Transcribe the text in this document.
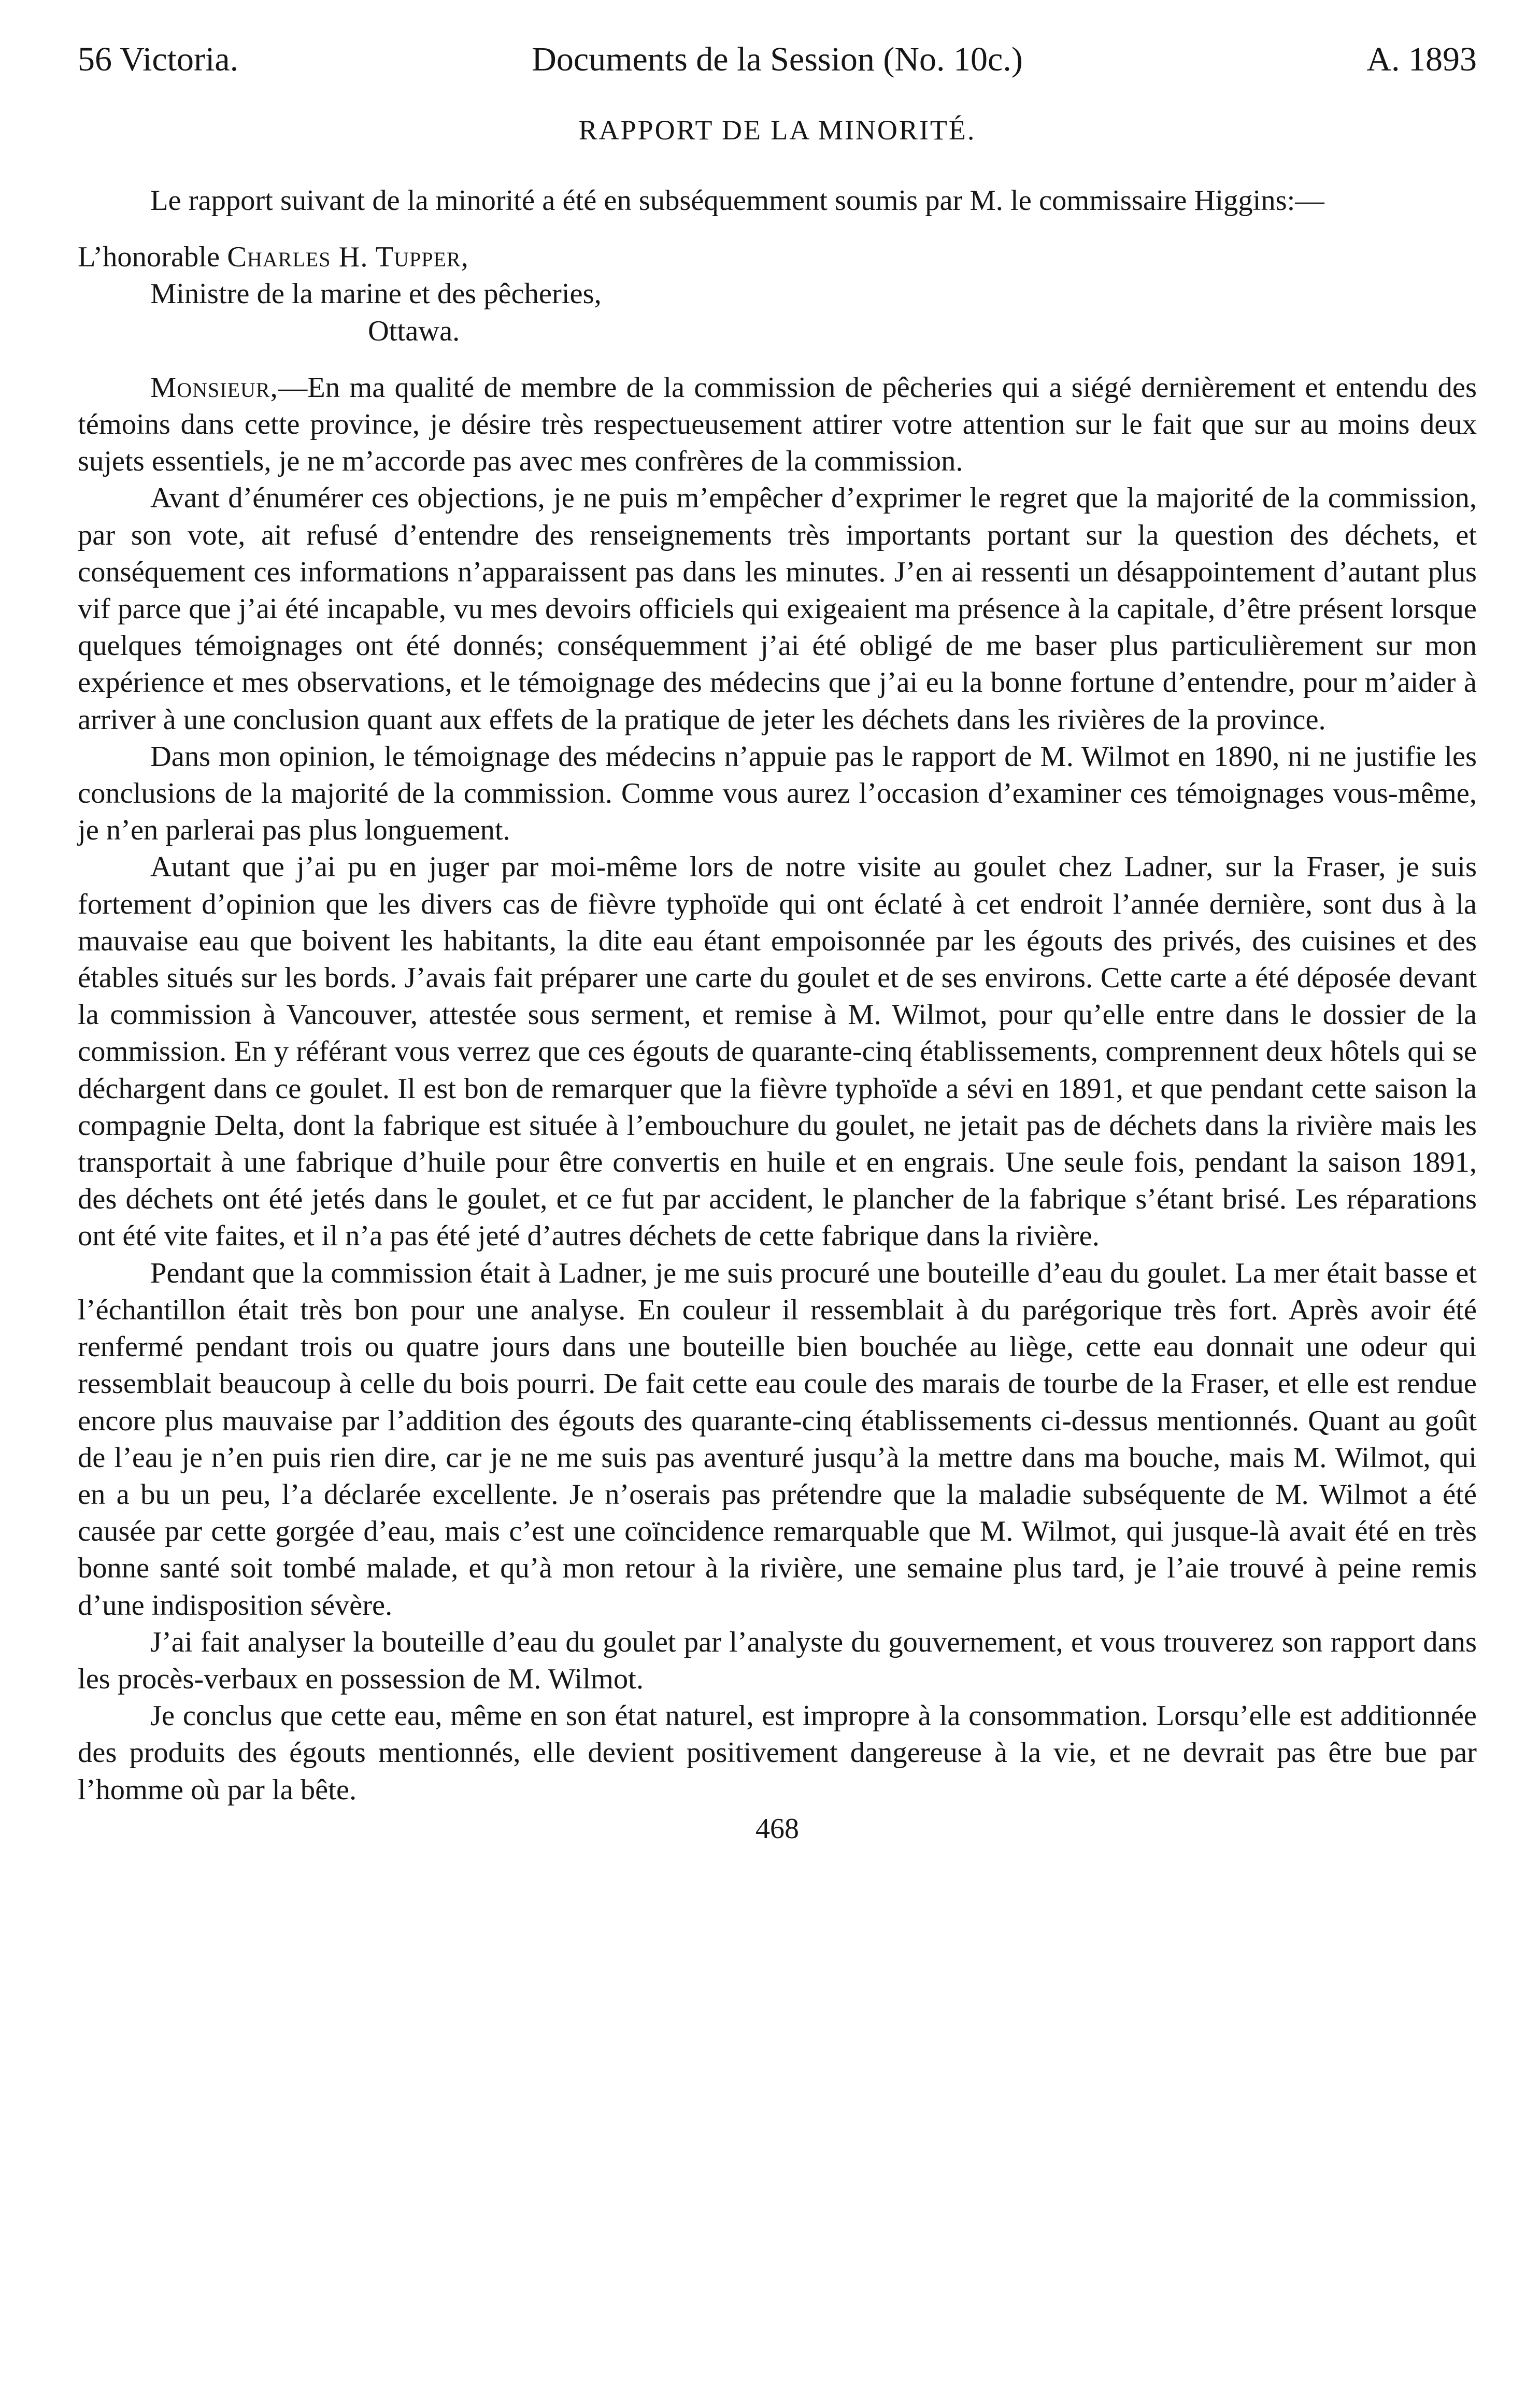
56 Victoria.	Documents de la Session (No. 10c.)	A. 1893
RAPPORT DE LA MINORITÉ.

Le rapport suivant de la minorité a été en subséquemment soumis par M. le commissaire Higgins:—

L’honorable Charles H. Tupper,
Ministre de la marine et des pêcheries,
Ottawa.

Monsieur,—En ma qualité de membre de la commission de pêcheries qui a siégé dernièrement et entendu des témoins dans cette province, je désire très respectueusement attirer votre attention sur le fait que sur au moins deux sujets essentiels, je ne m’accorde pas avec mes confrères de la commission.

Avant d’énumérer ces objections, je ne puis m’empêcher d’exprimer le regret que la majorité de la commission, par son vote, ait refusé d’entendre des renseignements très importants portant sur la question des déchets, et conséquement ces informations n’apparaissent pas dans les minutes. J’en ai ressenti un désappointement d’autant plus vif parce que j’ai été incapable, vu mes devoirs officiels qui exigeaient ma présence à la capitale, d’être présent lorsque quelques témoignages ont été donnés; conséquemment j’ai été obligé de me baser plus particulièrement sur mon expérience et mes observations, et le témoignage des médecins que j’ai eu la bonne fortune d’entendre, pour m’aider à arriver à une conclusion quant aux effets de la pratique de jeter les déchets dans les rivières de la province.

Dans mon opinion, le témoignage des médecins n’appuie pas le rapport de M. Wilmot en 1890, ni ne justifie les conclusions de la majorité de la commission. Comme vous aurez l’occasion d’examiner ces témoignages vous-même, je n’en parlerai pas plus longuement.

Autant que j’ai pu en juger par moi-même lors de notre visite au goulet chez Ladner, sur la Fraser, je suis fortement d’opinion que les divers cas de fièvre typhoïde qui ont éclaté à cet endroit l’année dernière, sont dus à la mauvaise eau que boivent les habitants, la dite eau étant empoisonnée par les égouts des privés, des cuisines et des étables situés sur les bords. J’avais fait préparer une carte du goulet et de ses environs. Cette carte a été déposée devant la commission à Vancouver, attestée sous serment, et remise à M. Wilmot, pour qu’elle entre dans le dossier de la commission. En y référant vous verrez que ces égouts de quarante-cinq établissements, comprennent deux hôtels qui se déchargent dans ce goulet. Il est bon de remarquer que la fièvre typhoïde a sévi en 1891, et que pendant cette saison la compagnie Delta, dont la fabrique est située à l’embouchure du goulet, ne jetait pas de déchets dans la rivière mais les transportait à une fabrique d’huile pour être convertis en huile et en engrais. Une seule fois, pendant la saison 1891, des déchets ont été jetés dans le goulet, et ce fut par accident, le plancher de la fabrique s’étant brisé. Les réparations ont été vite faites, et il n’a pas été jeté d’autres déchets de cette fabrique dans la rivière.

Pendant que la commission était à Ladner, je me suis procuré une bouteille d’eau du goulet. La mer était basse et l’échantillon était très bon pour une analyse. En couleur il ressemblait à du parégorique très fort. Après avoir été renfermé pendant trois ou quatre jours dans une bouteille bien bouchée au liège, cette eau donnait une odeur qui ressemblait beaucoup à celle du bois pourri. De fait cette eau coule des marais de tourbe de la Fraser, et elle est rendue encore plus mauvaise par l’addition des égouts des quarante-cinq établissements ci-dessus mentionnés. Quant au goût de l’eau je n’en puis rien dire, car je ne me suis pas aventuré jusqu’à la mettre dans ma bouche, mais M. Wilmot, qui en a bu un peu, l’a déclarée excellente. Je n’oserais pas prétendre que la maladie subséquente de M. Wilmot a été causée par cette gorgée d’eau, mais c’est une coïncidence remarquable que M. Wilmot, qui jusque-là avait été en très bonne santé soit tombé malade, et qu’à mon retour à la rivière, une semaine plus tard, je l’aie trouvé à peine remis d’une indisposition sévère.

J’ai fait analyser la bouteille d’eau du goulet par l’analyste du gouvernement, et vous trouverez son rapport dans les procès-verbaux en possession de M. Wilmot.

Je conclus que cette eau, même en son état naturel, est impropre à la consommation. Lorsqu’elle est additionnée des produits des égouts mentionnés, elle devient positivement dangereuse à la vie, et ne devrait pas être bue par l’homme où par la bête.

468
